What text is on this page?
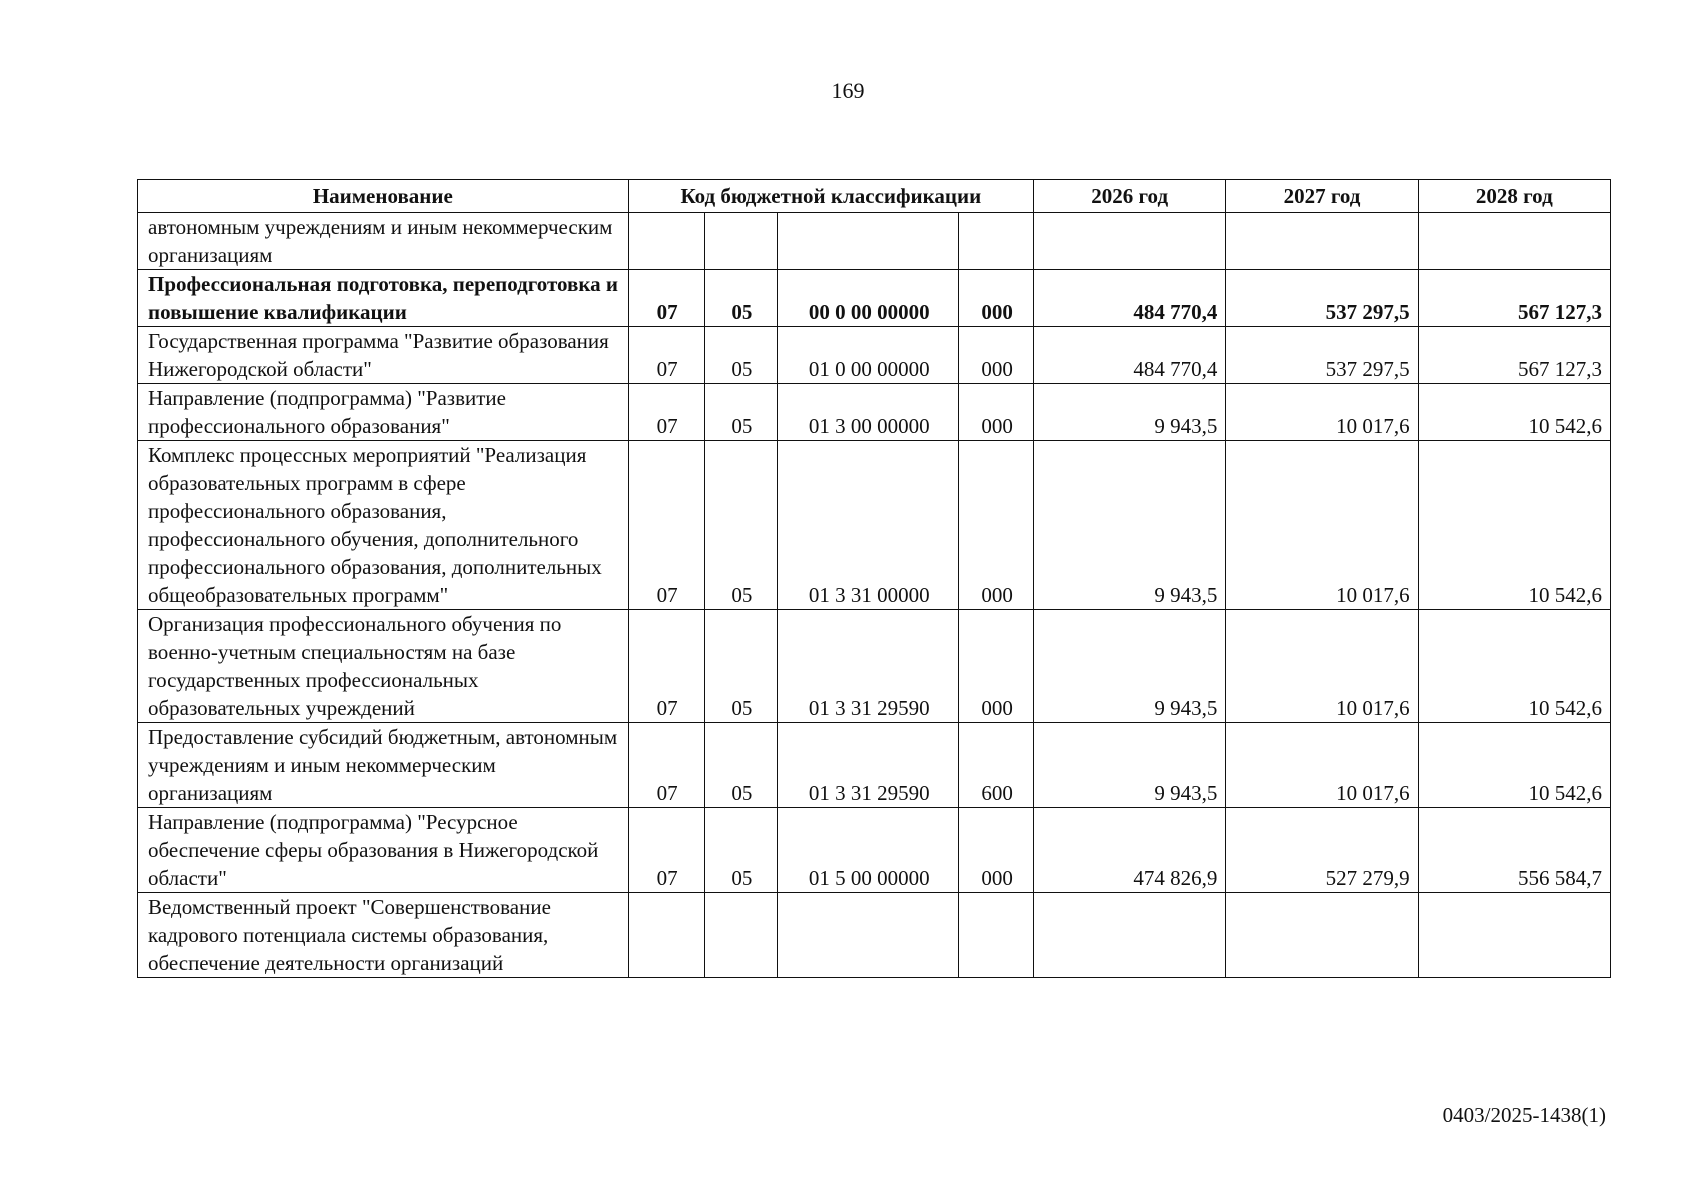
169
Наименование	Код бюджетной классификации				2026 год	2027 год	2028 год
автономным учреждениям и иным некоммерческим организациям							
Профессиональная подготовка, переподготовка и повышение квалификации	07	05	00 0 00 00000	000	484 770,4	537 297,5	567 127,3
Государственная программа "Развитие образования Нижегородской области"	07	05	01 0 00 00000	000	484 770,4	537 297,5	567 127,3
Направление (подпрограмма) "Развитие профессионального образования"	07	05	01 3 00 00000	000	9 943,5	10 017,6	10 542,6
Комплекс процессных мероприятий "Реализация образовательных программ в сфере профессионального образования, профессионального обучения, дополнительного профессионального образования, дополнительных общеобразовательных программ"	07	05	01 3 31 00000	000	9 943,5	10 017,6	10 542,6
Организация профессионального обучения по военно-учетным специальностям на базе государственных профессиональных образовательных учреждений	07	05	01 3 31 29590	000	9 943,5	10 017,6	10 542,6
Предоставление субсидий бюджетным, автономным учреждениям и иным некоммерческим организациям	07	05	01 3 31 29590	600	9 943,5	10 017,6	10 542,6
Направление (подпрограмма) "Ресурсное обеспечение сферы образования в Нижегородской области"	07	05	01 5 00 00000	000	474 826,9	527 279,9	556 584,7
Ведомственный проект "Совершенствование кадрового потенциала системы образования, обеспечение деятельности организаций							
0403/2025-1438(1)
